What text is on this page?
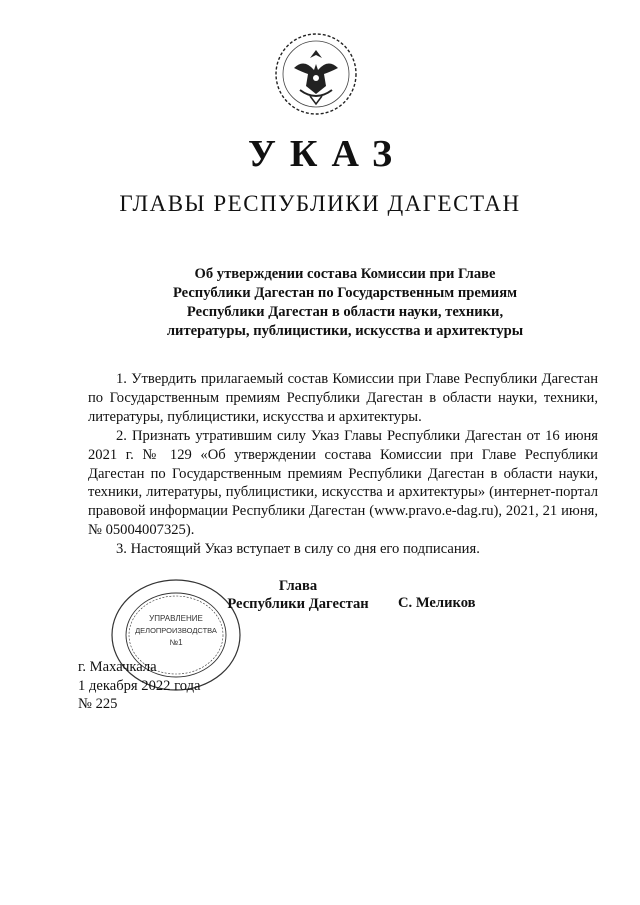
УКАЗ
ГЛАВЫ РЕСПУБЛИКИ ДАГЕСТАН
Об утверждении состава Комиссии при Главе
Республики Дагестан по Государственным премиям
Республики Дагестан в области науки, техники,
литературы, публицистики, искусства и архитектуры

1. Утвердить прилагаемый состав Комиссии при Главе Республики Дагестан по Государственным премиям Республики Дагестан в области науки, техники, литературы, публицистики, искусства и архитектуры.

2. Признать утратившим силу Указ Главы Республики Дагестан от 16 июня 2021 г. № 129 «Об утверждении состава Комиссии при Главе Республики Дагестан по Государственным премиям Республики Дагестан в области науки, техники, литературы, публицистики, искусства и архитектуры» (интернет-портал правовой информации Республики Дагестан (www.pravo.e-dag.ru), 2021, 21 июня, № 05004007325).

3. Настоящий Указ вступает в силу со дня его подписания.

УПРАВЛЕНИЕ
ДЕЛОПРОИЗВОДСТВА
№1
Глава
Республики Дагестан	С. Меликов
г. Махачкала
1 декабря 2022 года
№ 225
